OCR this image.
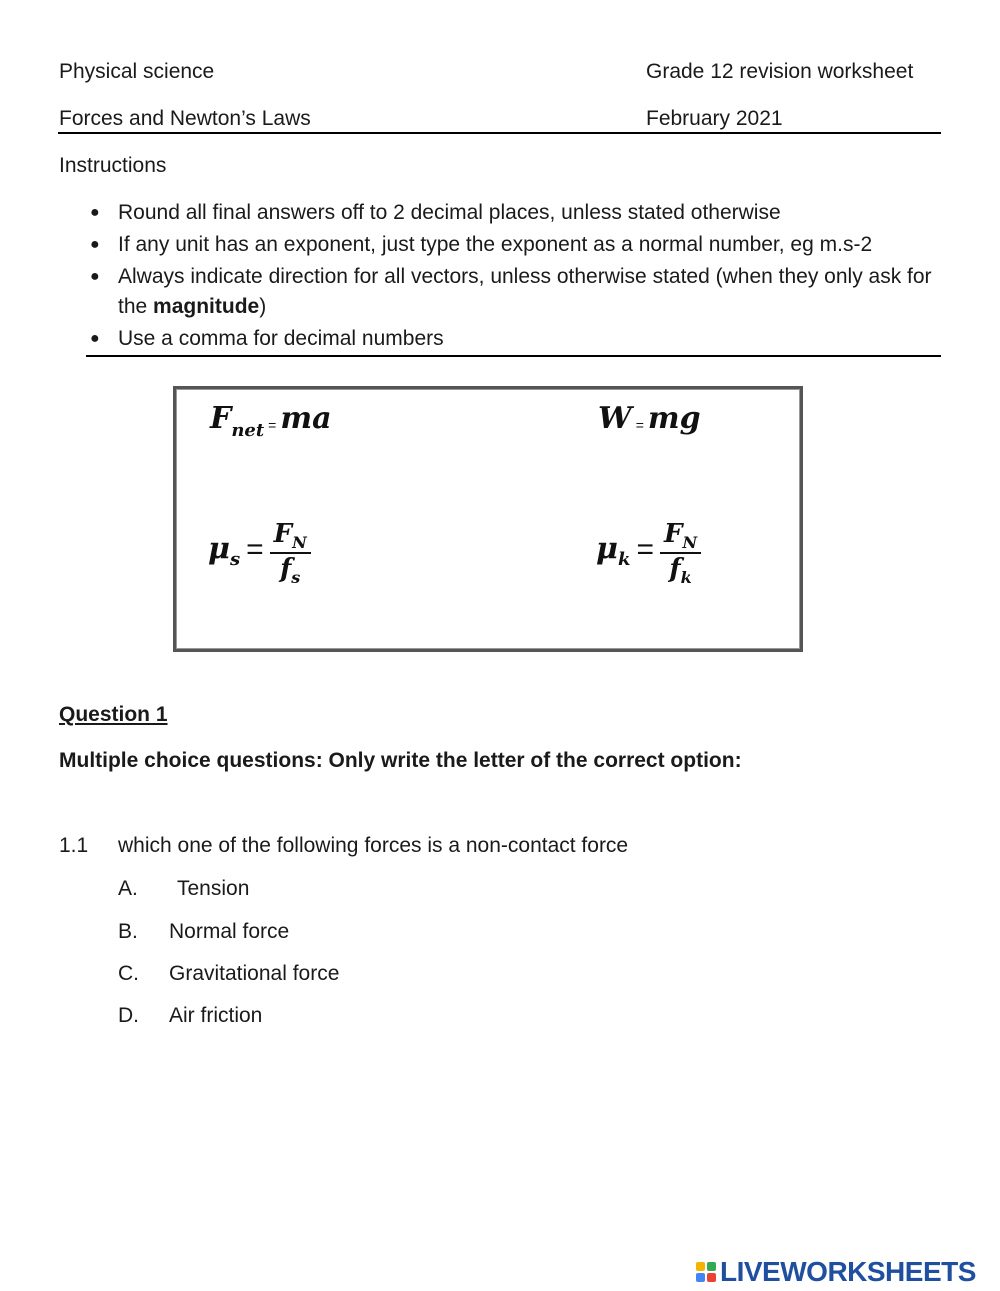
Physical science	Grade 12 revision worksheet
Forces and Newton’s Laws	February 2021
Instructions
● Round all final answers off to 2 decimal places, unless stated otherwise
● If any unit has an exponent, just type the exponent as a normal number, eg m.s-2
● Always indicate direction for all vectors, unless otherwise stated (when they only ask for the magnitude)
● Use a comma for decimal numbers
Fnet = ma	W = mg
$\mu s = \frac{F_N}{f_s}$	$\mu k = \frac{F_N}{f_k}$
Question 1
Multiple choice questions: Only write the letter of the correct option:
1.1 which one of the following forces is a non-contact force
A. Tension
B. Normal force
C. Gravitational force
D. Air friction
LIVEWORKSHEETS
